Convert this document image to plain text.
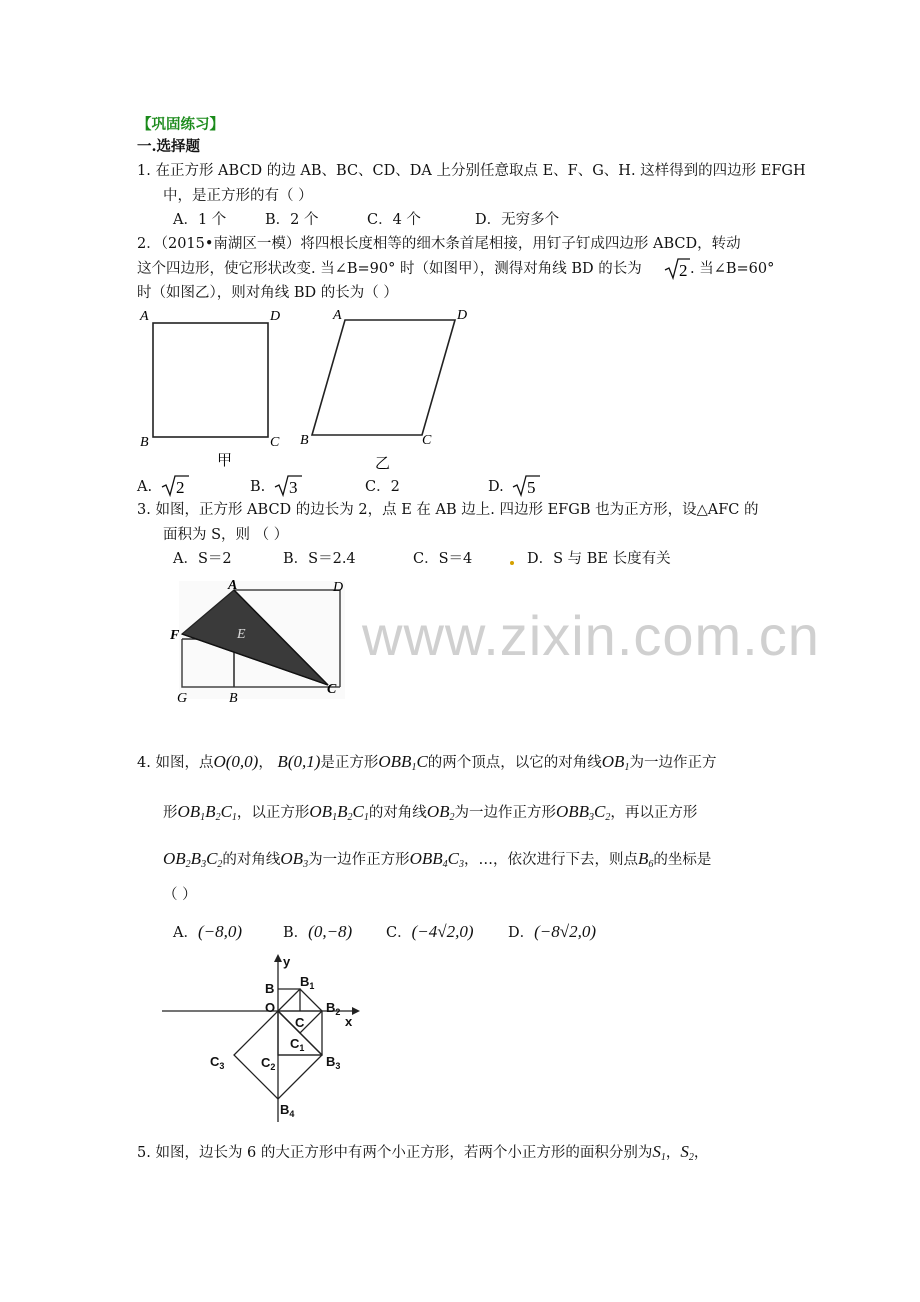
www.zixin.com.cn
【巩固练习】
一.选择题
1. 在正方形 ABCD 的边 AB、BC、CD、DA 上分别任意取点 E、F、G、H. 这样得到的四边形 EFGH
中，是正方形的有（ ）
A．1 个	B．2 个	C．4 个	D．无穷多个
2．（2015•南湖区一模）将四根长度相等的细木条首尾相接，用钉子钉成四边形 ABCD，转动
这个四边形，使它形状改变. 当∠B=90° 时（如图甲），测得对角线 BD 的长为 2 . 当∠B=60°
时（如图乙），则对角线 BD 的长为（ ）
A	D
B	C
甲
A	D
B	C
乙
A. 2	B. 3	C．2	D. 5
3. 如图，正方形 ABCD 的边长为 2，点 E 在 AB 边上. 四边形 EFGB 也为正方形，设△AFC 的
面积为 S，则 （ ）
A．S＝2	B．S＝2.4	C．S＝4	D．S 与 BE 长度有关
A	D
F	E
G	B
C
4. 如图，点O(0,0)， B(0,1)是正方形$OBB_1C$的两个顶点，以它的对角线$OB_1$为一边作正方
形$OB_1B_2C_1$，以正方形$OB_1B_2C_1$的对角线$OB_2$为一边作正方形$OBB_3C_2$，再以正方形
$OB_2B_3C_2$的对角线$OB_3$为一边作正方形$OBB_4C_3$，…，依次进行下去，则点$B_6$的坐标是
（ ）
A．(−8,0)	B．(0,−8) C．(−4√2,0) D．(−8√2,0)
y
x
B $B_1$
$B_2$
$B_3$
$B_4$
O
C
$C_1$
$C_2$
$C_3$
5. 如图，边长为 6 的大正方形中有两个小正方形，若两个小正方形的面积分别为$S_1$，$S_2$，
